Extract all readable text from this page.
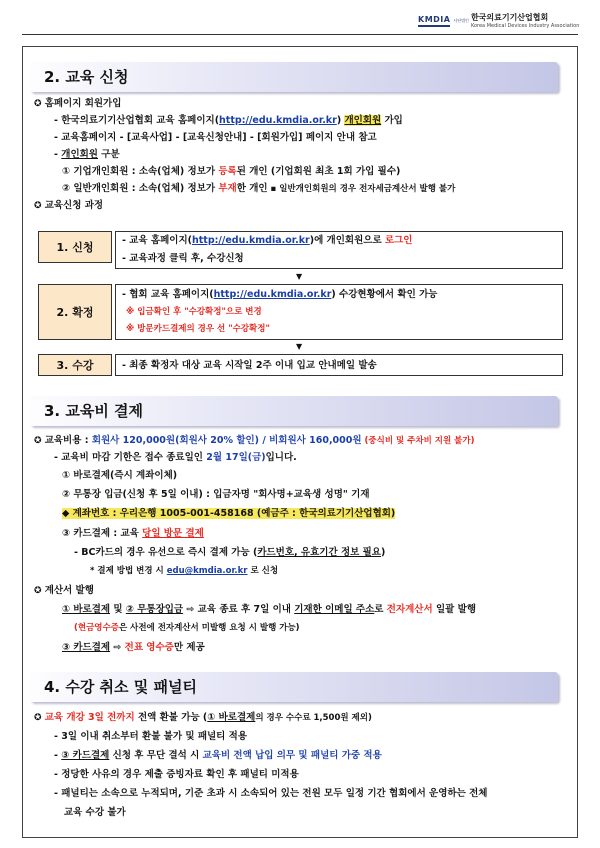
KMDIA 사단법인 한국의료기기산업협회
Korea Medical Devices Industry Association
2. 교육 신청
✪ 홈페이지 회원가입
- 한국의료기기산업협회 교육 홈페이지(http://edu.kmdia.or.kr) 개인회원 가입
- 교육홈페이지 - [교육사업] - [교육신청안내] - [회원가입] 페이지 안내 참고
- 개인회원 구분
① 기업개인회원 : 소속(업체) 정보가 등록된 개인 (기업회원 최초 1회 가입 필수)
② 일반개인회원 : 소속(업체) 정보가 부재한 개인 ▪ 일반개인회원의 경우 전자세금계산서 발행 불가
✪ 교육신청 과정
1. 신청
- 교육 홈페이지(http://edu.kmdia.or.kr)에 개인회원으로 로그인
- 교육과정 클릭 후, 수강신청
▼
2. 확정
- 협회 교육 홈페이지(http://edu.kmdia.or.kr) 수강현황에서 확인 가능
※ 입금확인 후 "수강확정"으로 변경
※ 방문카드결제의 경우 선 "수강확정"
▼
3. 수강	- 최종 확정자 대상 교육 시작일 2주 이내 입교 안내메일 발송
3. 교육비 결제
✪ 교육비용 : 회원사 120,000원(회원사 20% 할인) / 비회원사 160,000원 (중식비 및 주차비 지원 불가)
- 교육비 마감 기한은 접수 종료일인 2월 17일(금)입니다.
① 바로결제(즉시 계좌이체)
② 무통장 입금(신청 후 5일 이내) : 입금자명 "회사명+교육생 성명" 기재
◆ 계좌번호 : 우리은행 1005-001-458168 (예금주 : 한국의료기기산업협회)
③ 카드결제 : 교육 당일 방문 결제
- BC카드의 경우 유선으로 즉시 결제 가능 (카드번호, 유효기간 정보 필요)
* 결제 방법 변경 시 edu@kmdia.or.kr 로 신청
✪ 계산서 발행
① 바로결제 및 ② 무통장입금 ⇨ 교육 종료 후 7일 이내 기재한 이메일 주소로 전자계산서 일괄 발행
(현금영수증은 사전에 전자계산서 미발행 요청 시 발행 가능)
③ 카드결제 ⇨ 전표 영수증만 제공
4. 수강 취소 및 패널티
✪ 교육 개강 3일 전까지 전액 환불 가능 (① 바로결제의 경우 수수료 1,500원 제외)
- 3일 이내 취소부터 환불 불가 및 패널티 적용
- ③ 카드결제 신청 후 무단 결석 시 교육비 전액 납입 의무 및 패널티 가중 적용
- 정당한 사유의 경우 제출 증빙자료 확인 후 패널티 미적용
- 패널티는 소속으로 누적되며, 기준 초과 시 소속되어 있는 전원 모두 일정 기간 협회에서 운영하는 전체
교육 수강 불가
